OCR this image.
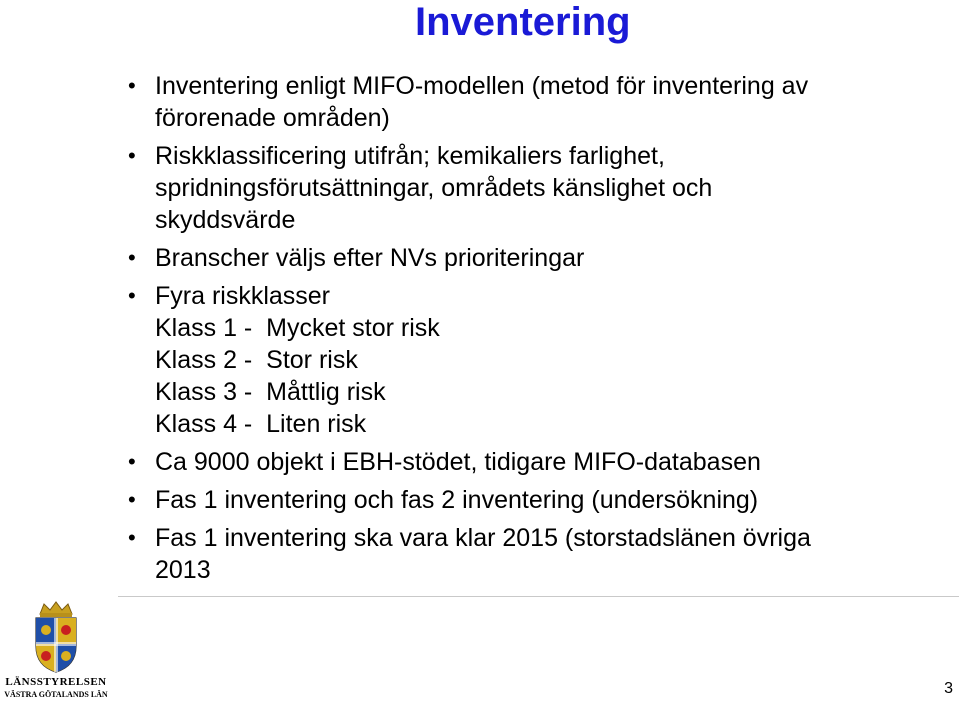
Inventering
• Inventering enligt MIFO-modellen (metod för inventering av
förorenade områden)
• Riskklassificering utifrån; kemikaliers farlighet,
spridningsförutsättningar, områdets känslighet och
skyddsvärde
• Branscher väljs efter NVs prioriteringar
• Fyra riskklasser
Klass 1 -  Mycket stor risk
Klass 2 -  Stor risk
Klass 3 -  Måttlig risk
Klass 4 -  Liten risk
• Ca 9000 objekt i EBH-stödet, tidigare MIFO-databasen
• Fas 1 inventering och fas 2 inventering (undersökning)
• Fas 1 inventering ska vara klar 2015 (storstadslänen övriga
2013
LÄNSSTYRELSEN
VÄSTRA GÖTALANDS LÄN	3
